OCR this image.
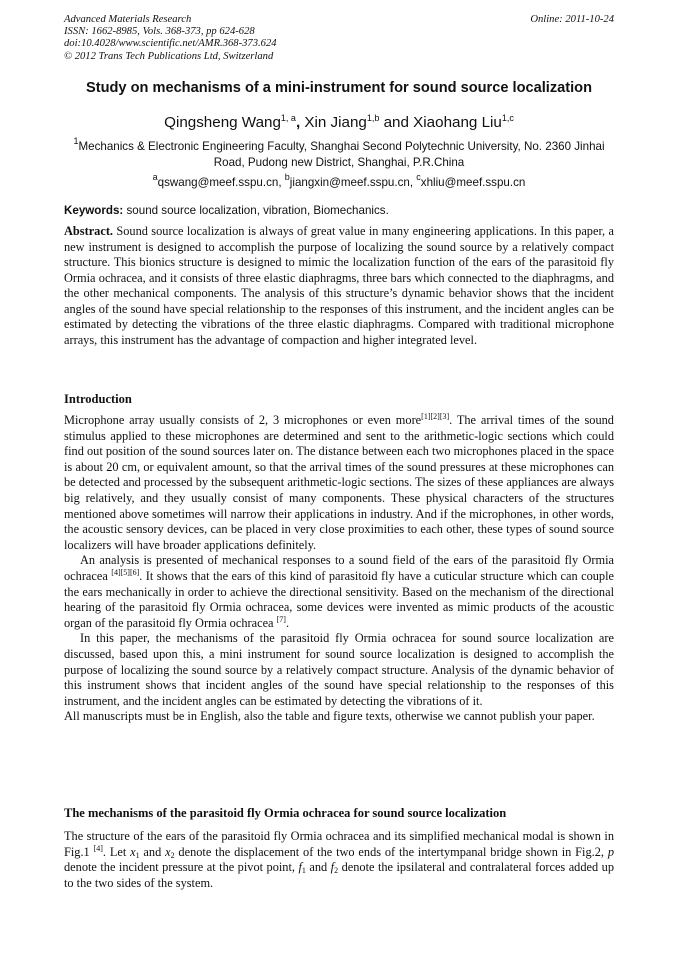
Advanced Materials Research
ISSN: 1662-8985, Vols. 368-373, pp 624-628
doi:10.4028/www.scientific.net/AMR.368-373.624
© 2012 Trans Tech Publications Ltd, Switzerland
Online: 2011-10-24
Study on mechanisms of a mini-instrument for sound source localization
Qingsheng Wang$^{1, a}$, Xin Jiang$^{1,b}$ and Xiaohang Liu$^{1,c}$
$^1$Mechanics & Electronic Engineering Faculty, Shanghai Second Polytechnic University, No. 2360 Jinhai Road, Pudong new District, Shanghai, P.R.China
$^a$qswang@meef.sspu.cn, $^b$jiangxin@meef.sspu.cn, $^c$xhliu@meef.sspu.cn
Keywords: sound source localization, vibration, Biomechanics.

Abstract. Sound source localization is always of great value in many engineering applications. In this paper, a new instrument is designed to accomplish the purpose of localizing the sound source by a relatively compact structure. This bionics structure is designed to mimic the localization function of the ears of the parasitoid fly Ormia ochracea, and it consists of three elastic diaphragms, three bars which connected to the diaphragms, and the other mechanical components. The analysis of this structure’s dynamic behavior shows that the incident angles of the sound have special relationship to the responses of this instrument, and the incident angles can be estimated by detecting the vibrations of the three elastic diaphragms. Compared with traditional microphone arrays, this instrument has the advantage of compaction and higher integrated level.

Introduction

Microphone array usually consists of 2, 3 microphones or even more[1][2][3]. The arrival times of the sound stimulus applied to these microphones are determined and sent to the arithmetic-logic sections which could find out position of the sound sources later on. The distance between each two microphones placed in the space is about 20 cm, or equivalent amount, so that the arrival times of the sound pressures at these microphones can be detected and processed by the subsequent arithmetic-logic sections. The sizes of these appliances are always big relatively, and they usually consist of many components. These physical characters of the structures mentioned above sometimes will narrow their applications in industry. And if the microphones, in other words, the acoustic sensory devices, can be placed in very close proximities to each other, these types of sound source localizers will have broader applications definitely.

An analysis is presented of mechanical responses to a sound field of the ears of the parasitoid fly Ormia ochracea [4][5][6]. It shows that the ears of this kind of parasitoid fly have a cuticular structure which can couple the ears mechanically in order to achieve the directional sensitivity. Based on the mechanism of the directional hearing of the parasitoid fly Ormia ochracea, some devices were invented as mimic products of the acoustic organ of the parasitoid fly Ormia ochracea [7].

In this paper, the mechanisms of the parasitoid fly Ormia ochracea for sound source localization are discussed, based upon this, a mini instrument for sound source localization is designed to accomplish the purpose of localizing the sound source by a relatively compact structure. Analysis of the dynamic behavior of this instrument shows that incident angles of the sound have special relationship to the responses of this instrument, and the incident angles can be estimated by detecting the vibrations of it.

All manuscripts must be in English, also the table and figure texts, otherwise we cannot publish your paper.

The mechanisms of the parasitoid fly Ormia ochracea for sound source localization

The structure of the ears of the parasitoid fly Ormia ochracea and its simplified mechanical modal is shown in Fig.1 [4]. Let $x_1$ and $x_2$ denote the displacement of the two ends of the intertympanal bridge shown in Fig.2, p denote the incident pressure at the pivot point, $f_1$ and $f_2$ denote the ipsilateral and contralateral forces added up to the two sides of the system.
